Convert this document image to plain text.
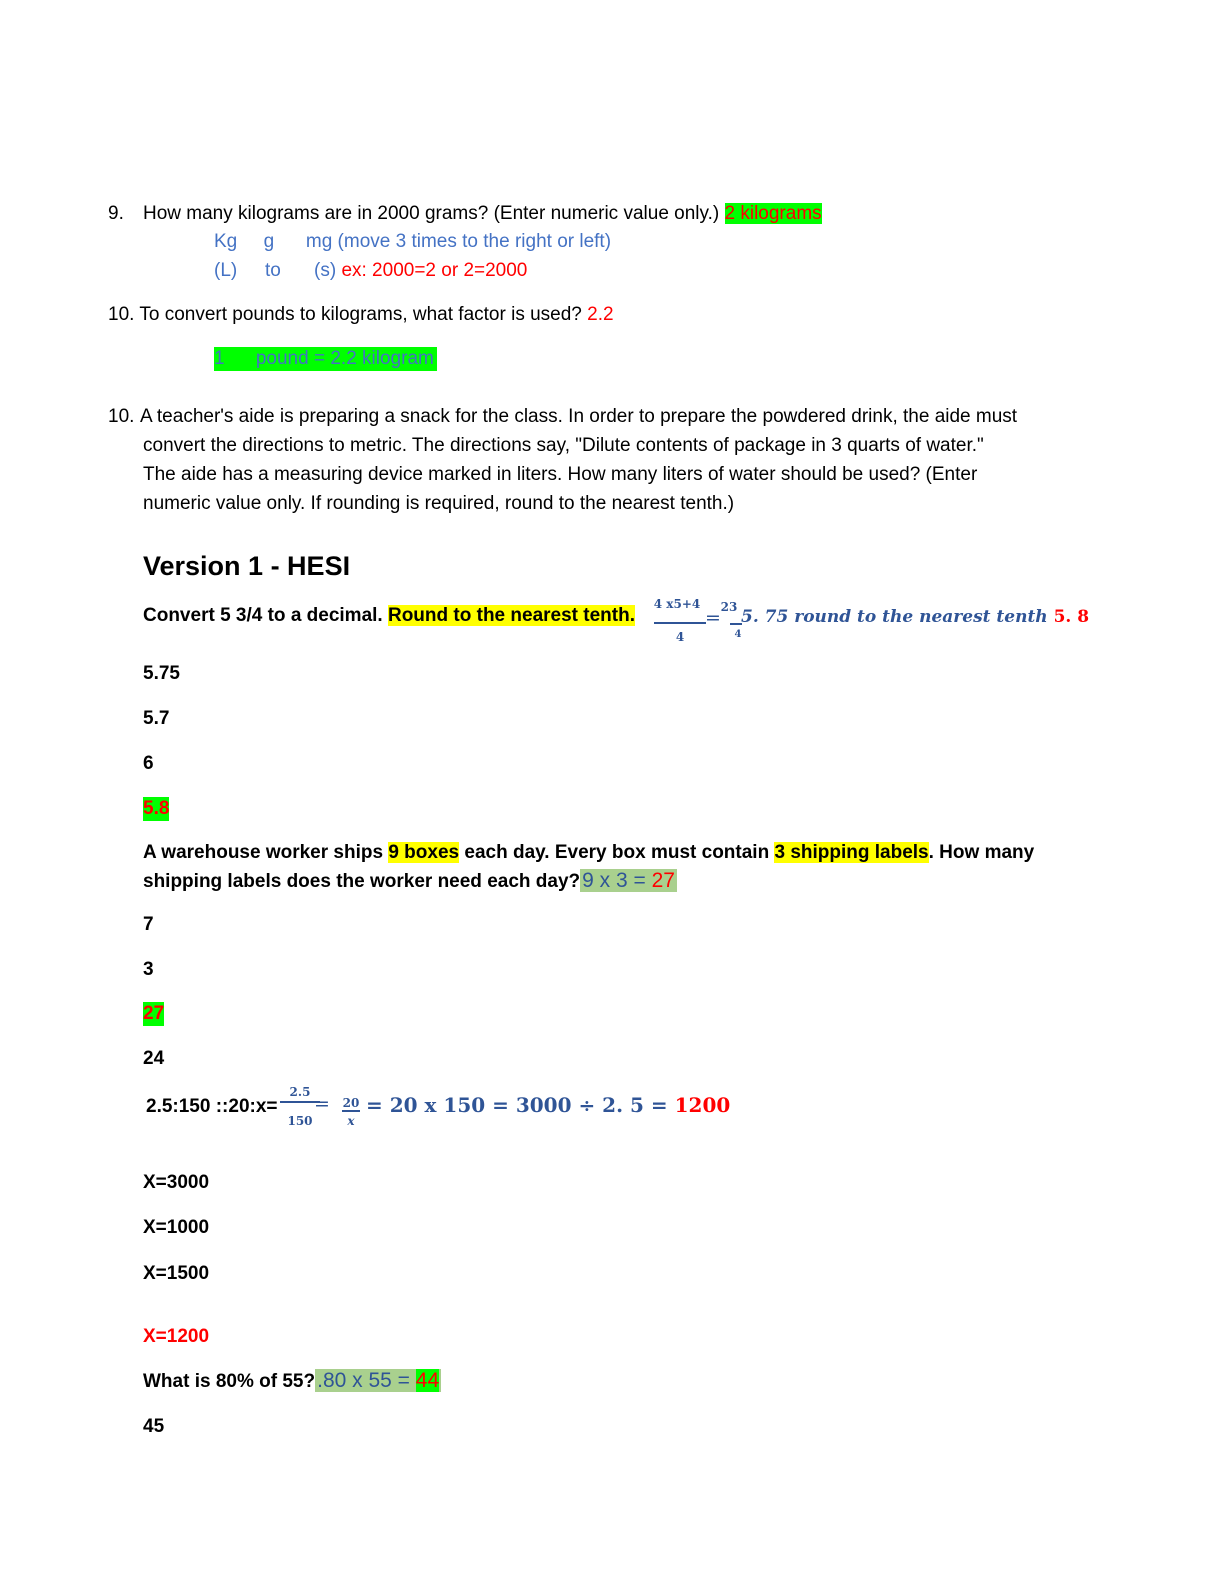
9. How many kilograms are in 2000 grams? (Enter numeric value only.) 2 kilograms
Kg     g      mg (move 3 times to the right or left)
(L) to (s) ex: 2000=2 or 2=2000
10. To convert pounds to kilograms, what factor is used? 2.2
1 pound = 2.2 kilogram
10. A teacher's aide is preparing a snack for the class. In order to prepare the powdered drink, the aide must
convert the directions to metric. The directions say, "Dilute contents of package in 3 quarts of water."
The aide has a measuring device marked in liters. How many liters of water should be used? (Enter
numeric value only. If rounding is required, round to the nearest tenth.)
Version 1 - HESI
Convert 5 3/4 to a decimal. Round to the nearest tenth.
4 x5+4
4
= 23
4
5. 75 round to the nearest tenth 5. 8
5.75
5.7
6
5.8
A warehouse worker ships 9 boxes each day. Every box must contain 3 shipping labels. How many
shipping labels does the worker need each day?9 x 3 = 27
7
3
27
24
2.5:150 ::20:x=
2.5
150
= 20
x
= 20 x 150 = 3000 ÷ 2. 5 = 1200
X=3000
X=1000
X=1500
X=1200
What is 80% of 55?.80 x 55 = 44
45
